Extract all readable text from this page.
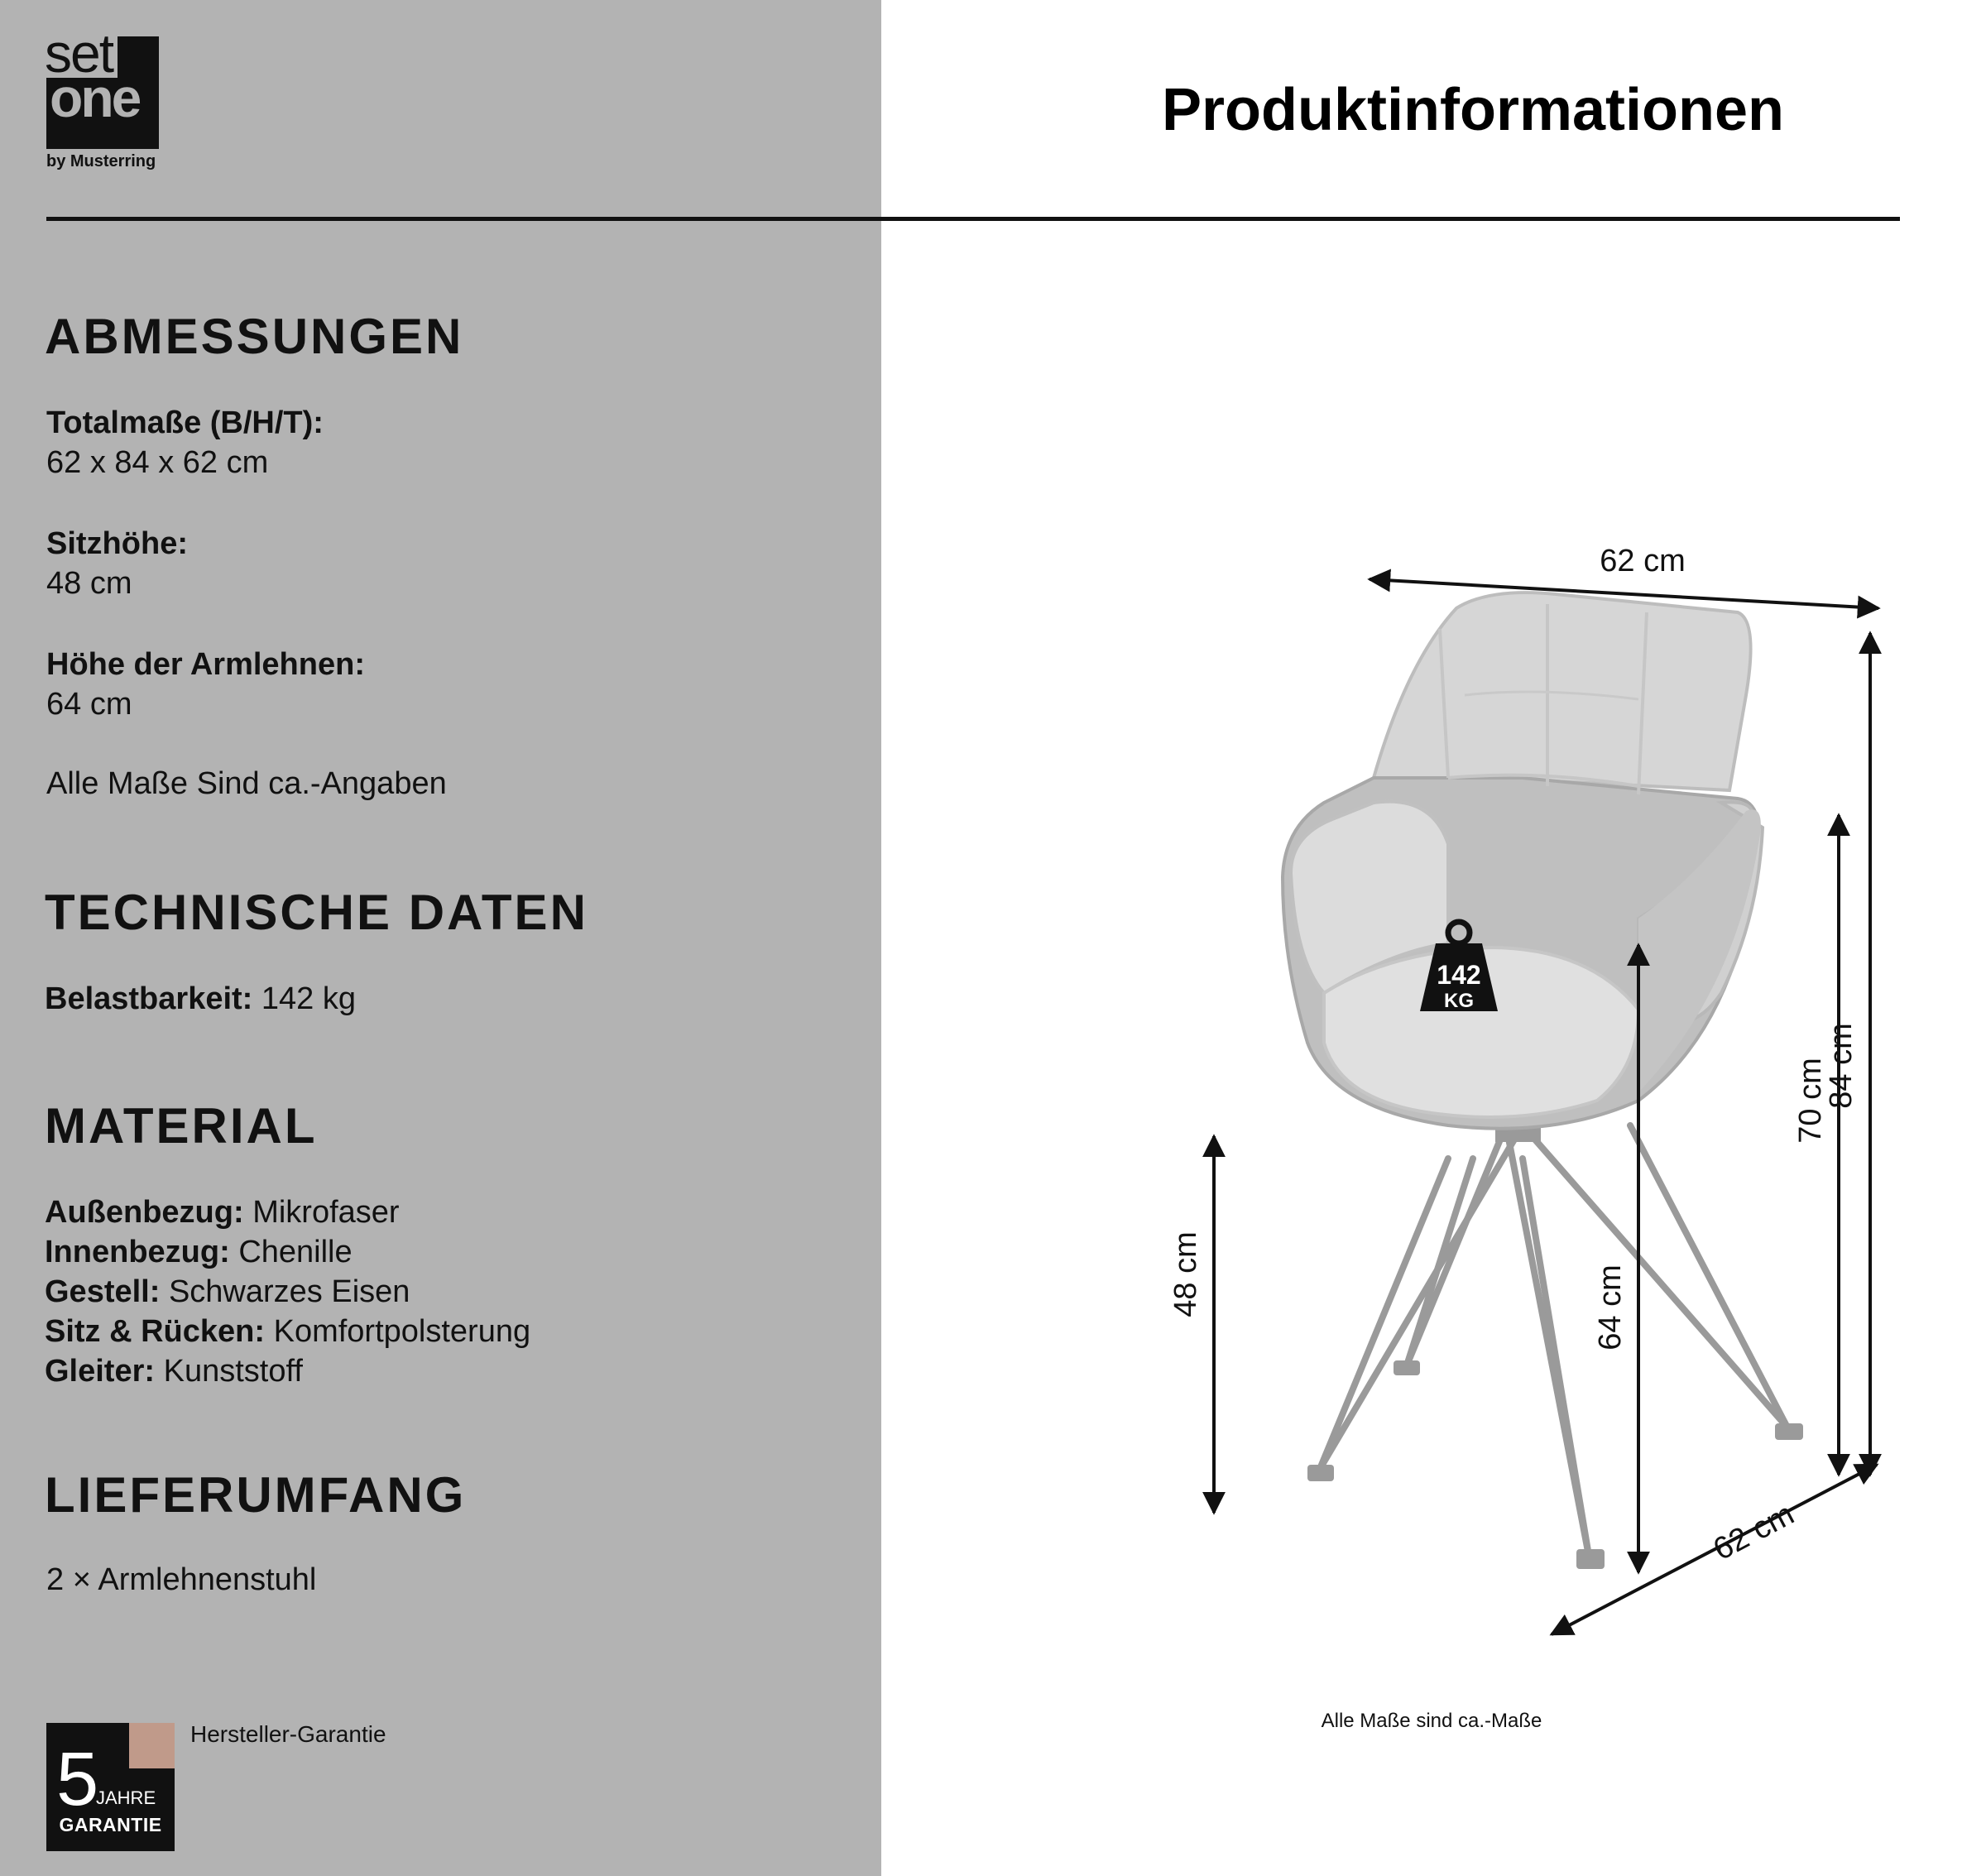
set
one
by Musterring
Produktinformationen
ABMESSUNGEN
Totalmaße (B/H/T):
62 x 84 x 62 cm
Sitzhöhe:
48 cm
Höhe der Armlehnen:
64 cm
Alle Maße Sind ca.-Angaben
TECHNISCHE DATEN
Belastbarkeit: 142 kg
MATERIAL
Außenbezug: Mikrofaser
Innenbezug: Chenille
Gestell: Schwarzes Eisen
Sitz & Rücken: Komfortpolsterung
Gleiter: Kunststoff
LIEFERUMFANG
2 × Armlehnenstuhl
5
JAHRE
GARANTIE
Hersteller-Garantie
142
KG
62 cm
84 cm
70 cm
64 cm
48 cm
62 cm
Alle Maße sind ca.-Maße
